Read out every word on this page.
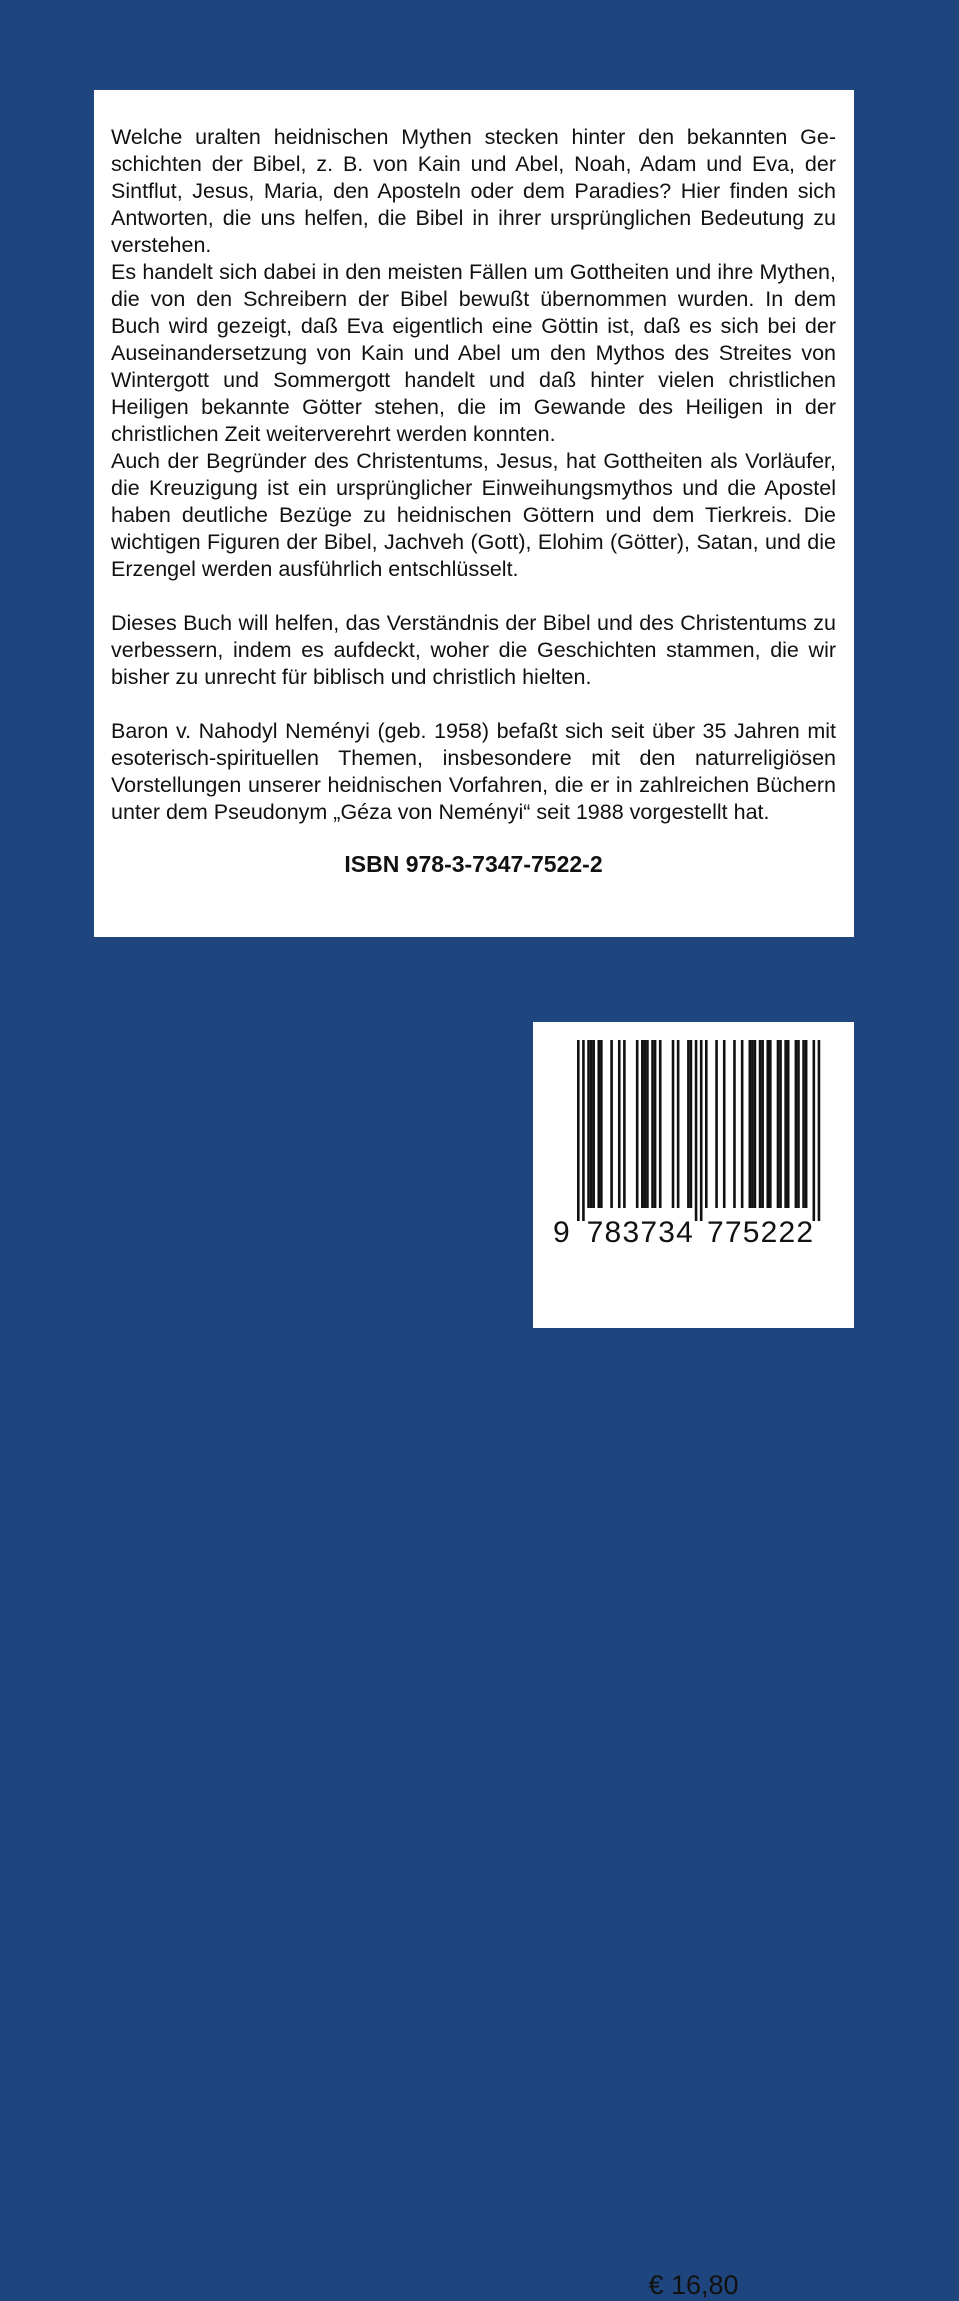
Welche uralten heidnischen Mythen stecken hinter den bekannten Geschichten der Bibel, z. B. von Kain und Abel, Noah, Adam und Eva, der Sintflut, Jesus, Maria, den Aposteln oder dem Paradies? Hier finden sich Antworten, die uns helfen, die Bibel in ihrer ursprünglichen Bedeutung zu verstehen.

Es handelt sich dabei in den meisten Fällen um Gottheiten und ihre Mythen, die von den Schreibern der Bibel bewußt übernommen wurden. In dem Buch wird gezeigt, daß Eva eigentlich eine Göttin ist, daß es sich bei der Auseinandersetzung von Kain und Abel um den Mythos des Streites von Wintergott und Sommergott handelt und daß hinter vielen christlichen Heiligen bekannte Götter stehen, die im Gewande des Heiligen in der christlichen Zeit weiterverehrt werden konnten.

Auch der Begründer des Christentums, Jesus, hat Gottheiten als Vorläufer, die Kreuzigung ist ein ursprünglicher Einweihungsmythos und die Apostel haben deutliche Bezüge zu heidnischen Göttern und dem Tierkreis. Die wichtigen Figuren der Bibel, Jachveh (Gott), Elohim (Götter), Satan, und die Erzengel werden ausführlich entschlüsselt.

Dieses Buch will helfen, das Verständnis der Bibel und des Christentums zu verbessern, indem es aufdeckt, woher die Geschichten stammen, die wir bisher zu unrecht für biblisch und christlich hielten.

Baron v. Nahodyl Neményi (geb. 1958) befaßt sich seit über 35 Jahren mit esoterisch-spirituellen Themen, insbesondere mit den naturreligiösen Vorstellungen unserer heidnischen Vorfahren, die er in zahlreichen Büchern unter dem Pseudonym „Géza von Neményi“ seit 1988 vorgestellt hat.

ISBN 978-3-7347-7522-2
9 783734 775222
€ 16,80
